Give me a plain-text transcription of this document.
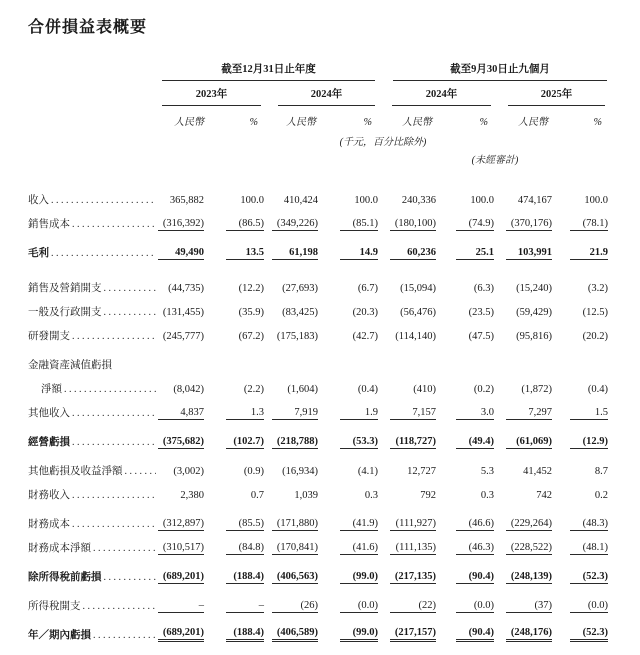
合併損益表概要

	截至12月31日止年度				截至9月30日止九個月			

	2023年		2024年		2024年		2025年	

	人民幣	%	人民幣	%	人民幣	%	人民幣	%
	(千元，百分比除外)							
					(未經審計)			

收入
. . .	365,882	100.0	410,424	100.0	240,336	100.0	474,167	100.0

銷售成本
. . .	(316,392)	(86.5)	(349,226)	(85.1)	(180,100)	(74.9)	(370,176)	(78.1)

毛利
. . .	49,490	13.5	61,198	14.9	60,236	25.1	103,991	21.9

銷售及營銷開支
. . .	(44,735)	(12.2)	(27,693)	(6.7)	(15,094)	(6.3)	(15,240)	(3.2)

一般及行政開支
. . .	(131,455)	(35.9)	(83,425)	(20.3)	(56,476)	(23.5)	(59,429)	(12.5)

研發開支
. . .	(245,777)	(67.2)	(175,183)	(42.7)	(114,140)	(47.5)	(95,816)	(20.2)

金融資產減值虧損								

淨額
. . .	(8,042)	(2.2)	(1,604)	(0.4)	(410)	(0.2)	(1,872)	(0.4)

其他收入
. . .	4,837	1.3	7,919	1.9	7,157	3.0	7,297	1.5

經營虧損
. . .	(375,682)	(102.7)	(218,788)	(53.3)	(118,727)	(49.4)	(61,069)	(12.9)

其他虧損及收益淨額
. . .	(3,002)	(0.9)	(16,934)	(4.1)	12,727	5.3	41,452	8.7

財務收入
. . .	2,380	0.7	1,039	0.3	792	0.3	742	0.2

財務成本
. . .	(312,897)	(85.5)	(171,880)	(41.9)	(111,927)	(46.6)	(229,264)	(48.3)

財務成本淨額
. . .	(310,517)	(84.8)	(170,841)	(41.6)	(111,135)	(46.3)	(228,522)	(48.1)

除所得稅前虧損
. . .	(689,201)	(188.4)	(406,563)	(99.0)	(217,135)	(90.4)	(248,139)	(52.3)

所得稅開支
. . .	–	–	(26)	(0.0)	(22)	(0.0)	(37)	(0.0)

年／期內虧損
. . .	(689,201)	(188.4)	(406,589)	(99.0)	(217,157)	(90.4)	(248,176)	(52.3)
